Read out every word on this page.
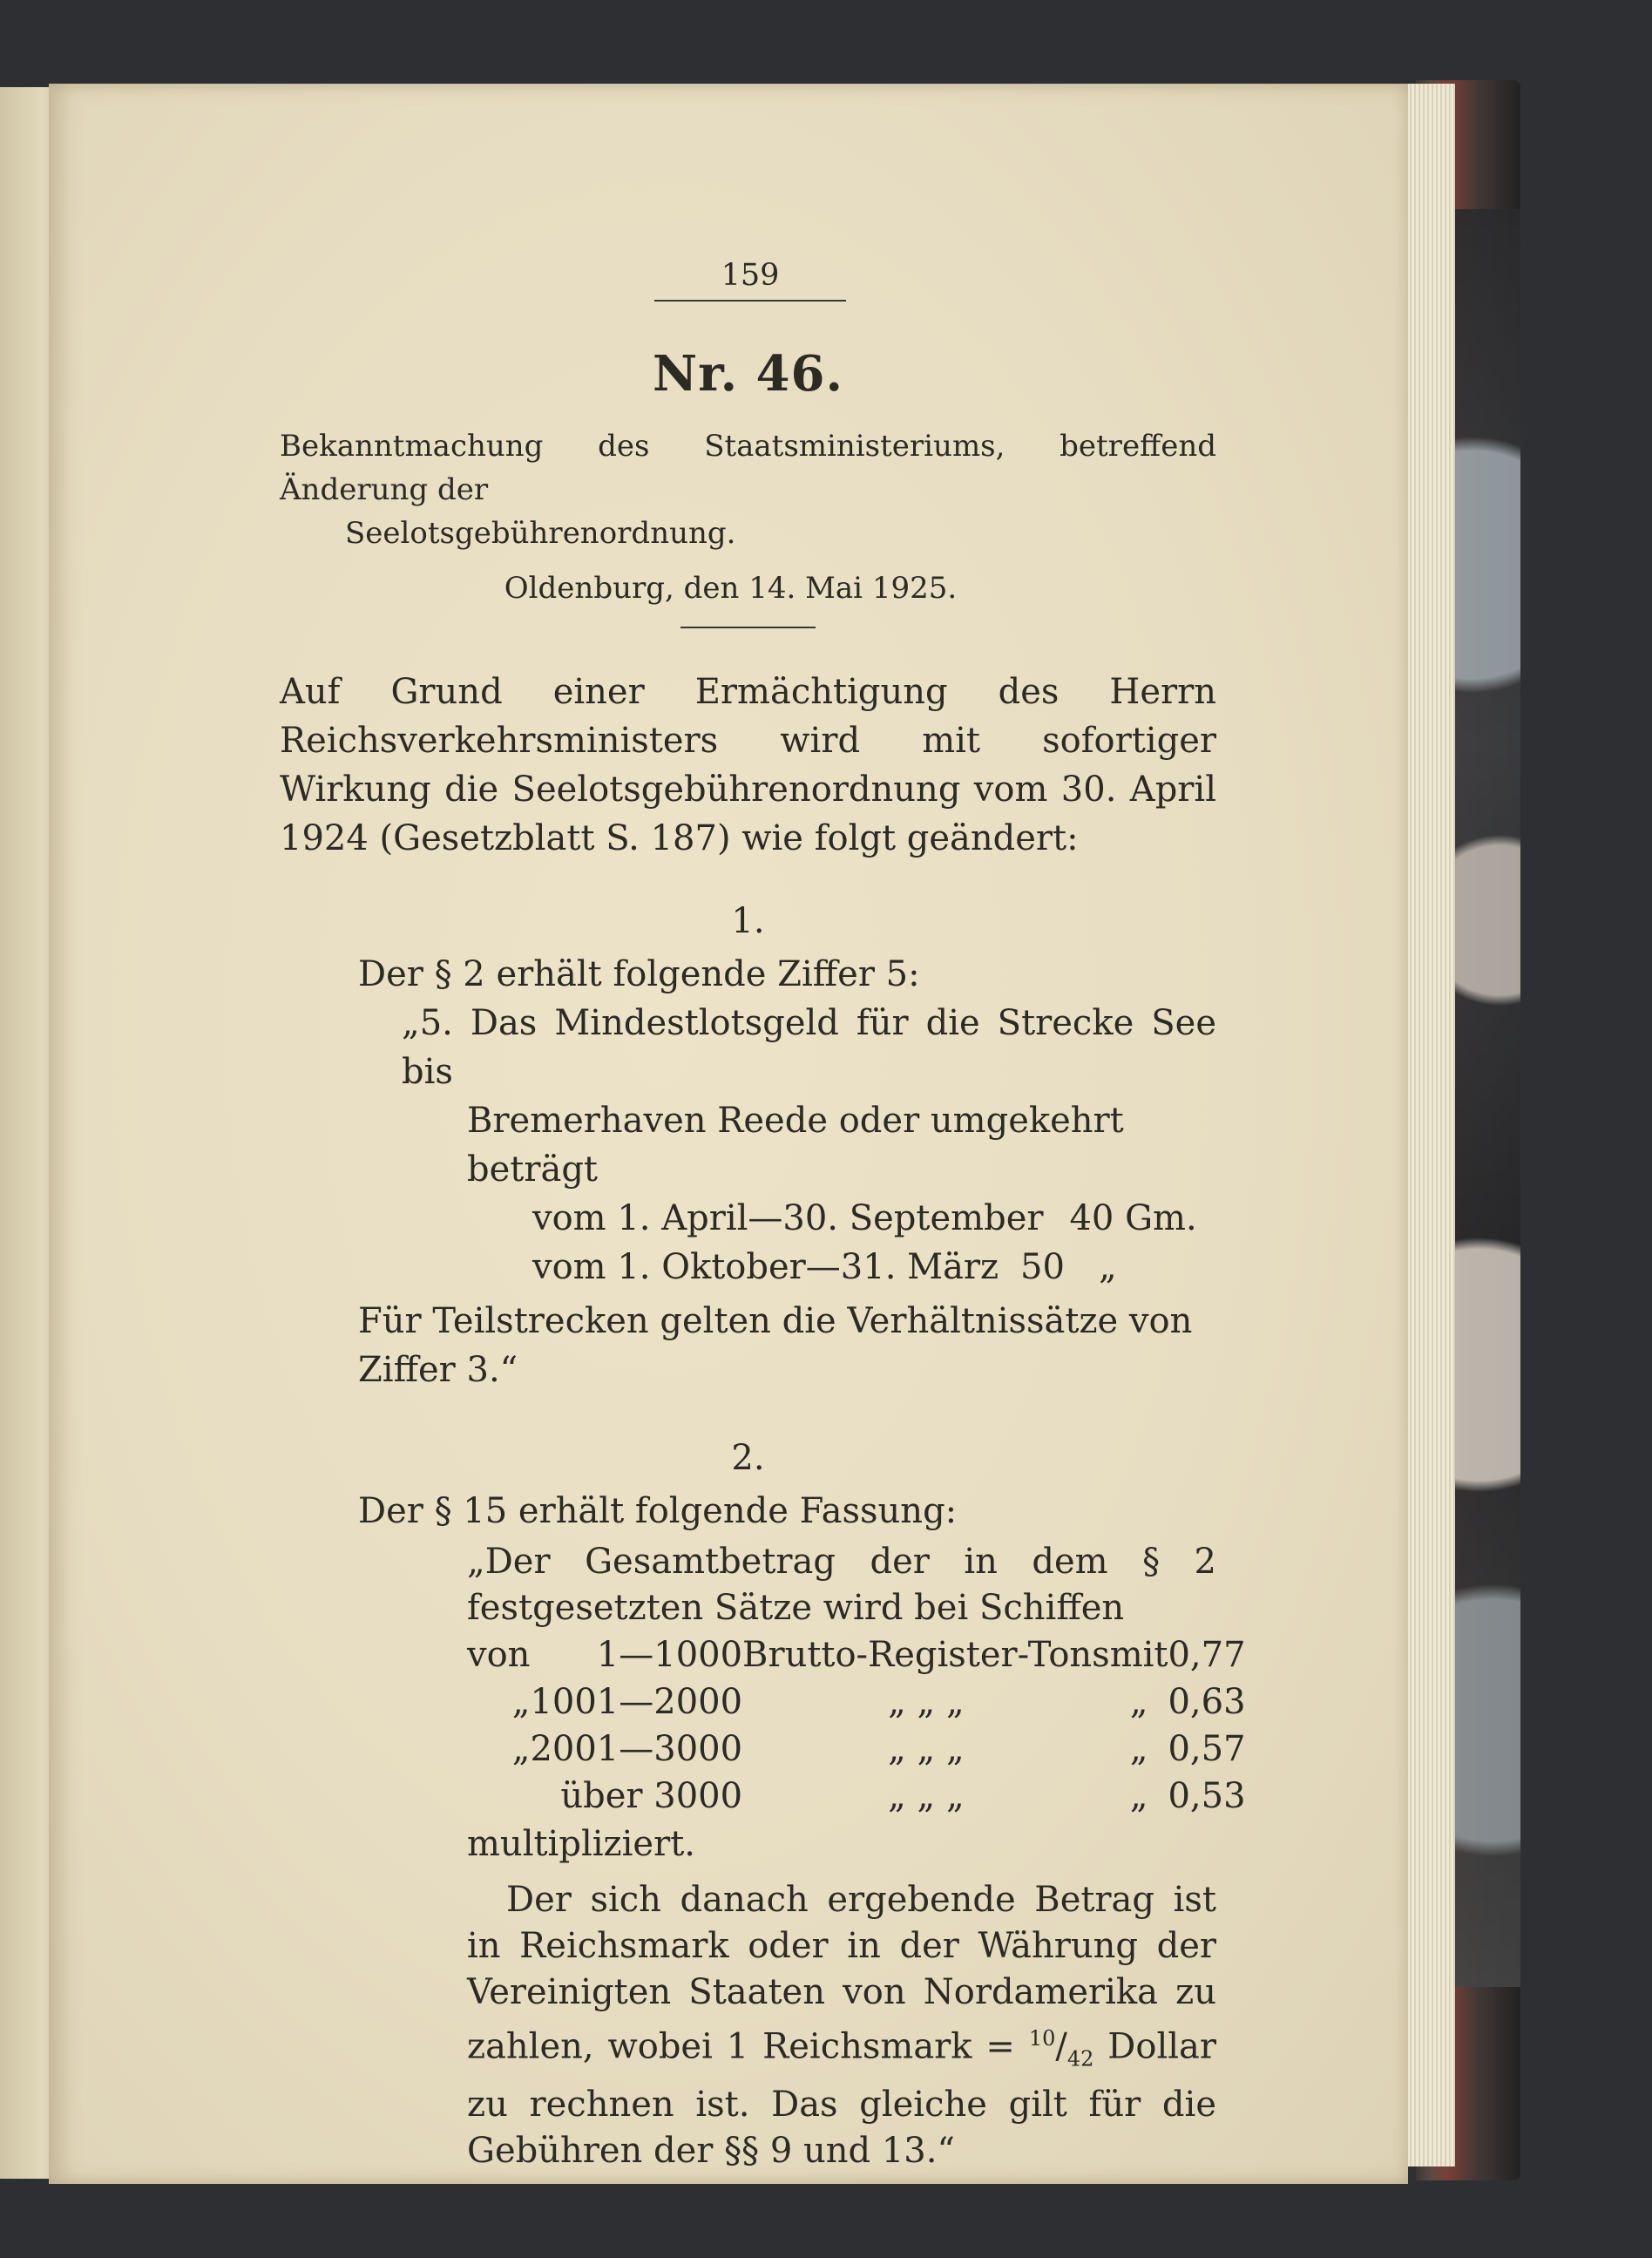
159
Nr. 46.
Bekanntmachung des Staatsministeriums, betreffend Änderung der
Seelotsgebührenordnung.
Oldenburg, den 14. Mai 1925.
Auf Grund einer Ermächtigung des Herrn Reichsverkehrsministers wird mit sofortiger Wirkung die Seelotsgebührenordnung vom 30. April 1924 (Gesetzblatt S. 187) wie folgt geändert:
1.
Der § 2 erhält folgende Ziffer 5:
„5. Das Mindestlotsgeld für die Strecke See bis
Bremerhaven Reede oder umgekehrt beträgt
vom 1. April—30. September 40 Gm.
vom 1. Oktober—31. März 50 „
Für Teilstrecken gelten die Verhältnissätze von Ziffer 3.“
2.
Der § 15 erhält folgende Fassung:
„Der Gesamtbetrag der in dem § 2 festgesetzten Sätze wird bei Schiffen
von	1—1000	Brutto-Register-Tons	mit	0,77
„	1001—2000	„ „ „	„	0,63
„	2001—3000	„ „ „	„	0,57
über 3000		„ „ „	„	0,53
multipliziert.
Der sich danach ergebende Betrag ist in Reichsmark oder in der Währung der Vereinigten Staaten von Nordamerika zu zahlen, wobei 1 Reichsmark = $^{10}/_{42}$ Dollar zu rechnen ist. Das gleiche gilt für die Gebühren der §§ 9 und 13.“
